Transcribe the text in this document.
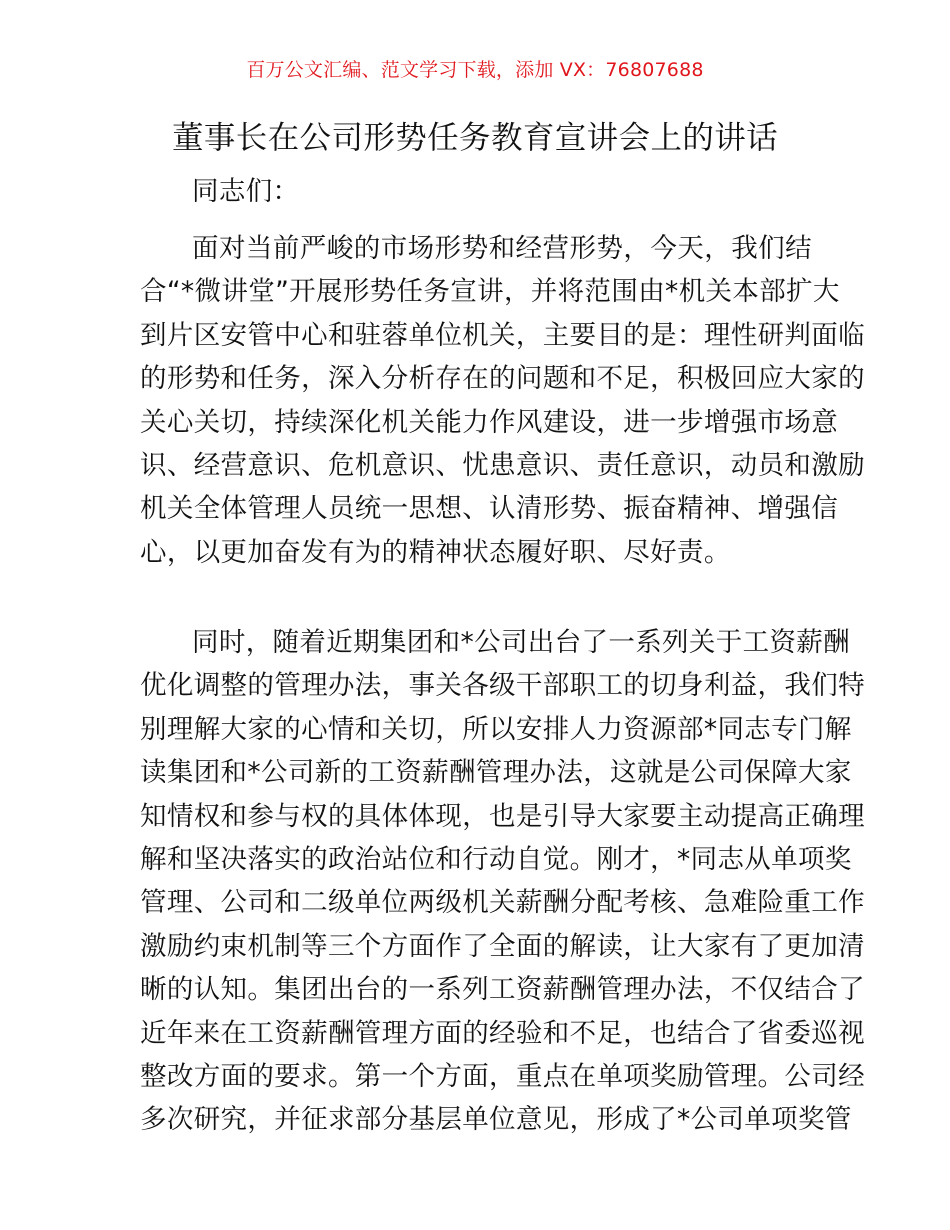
百万公文汇编、范文学习下载，添加 VX：76807688
董事长在公司形势任务教育宣讲会上的讲话
同志们：
面对当前严峻的市场形势和经营形势，今天，我们结
合“*微讲堂”开展形势任务宣讲，并将范围由*机关本部扩大
到片区安管中心和驻蓉单位机关，主要目的是：理性研判面临
的形势和任务，深入分析存在的问题和不足，积极回应大家的
关心关切，持续深化机关能力作风建设，进一步增强市场意
识、经营意识、危机意识、忧患意识、责任意识，动员和激励
机关全体管理人员统一思想、认清形势、振奋精神、增强信
心，以更加奋发有为的精神状态履好职、尽好责。
同时，随着近期集团和*公司出台了一系列关于工资薪酬
优化调整的管理办法，事关各级干部职工的切身利益，我们特
别理解大家的心情和关切，所以安排人力资源部*同志专门解
读集团和*公司新的工资薪酬管理办法，这就是公司保障大家
知情权和参与权的具体体现，也是引导大家要主动提高正确理
解和坚决落实的政治站位和行动自觉。刚才，*同志从单项奖
管理、公司和二级单位两级机关薪酬分配考核、急难险重工作
激励约束机制等三个方面作了全面的解读，让大家有了更加清
晰的认知。集团出台的一系列工资薪酬管理办法，不仅结合了
近年来在工资薪酬管理方面的经验和不足，也结合了省委巡视
整改方面的要求。第一个方面，重点在单项奖励管理。公司经
多次研究，并征求部分基层单位意见，形成了*公司单项奖管
